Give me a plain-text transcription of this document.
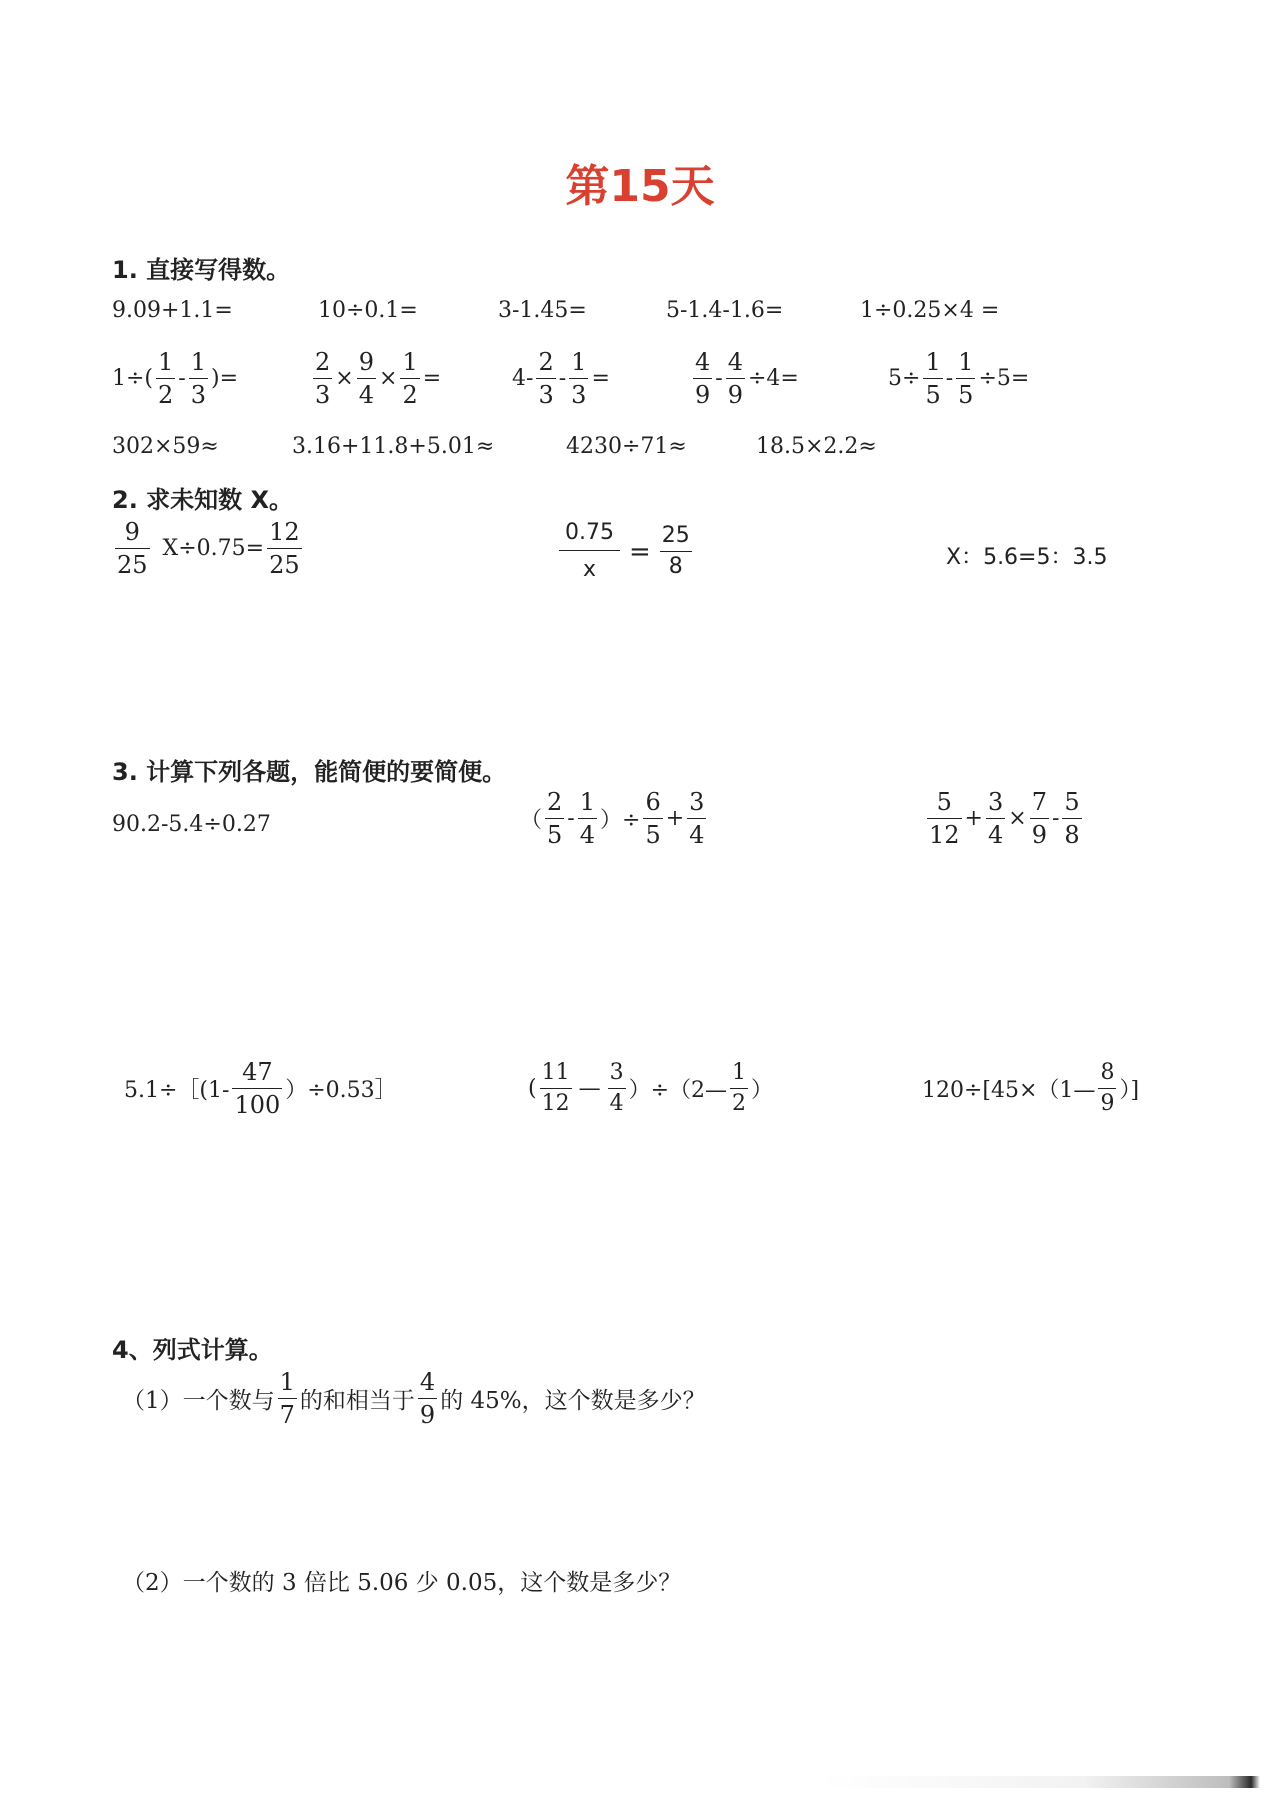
第15天
1. 直接写得数。
9.09+1.1=	10÷0.1=	3-1.45=	5-1.4-1.6=	1÷0.25×4 =
$1\div( \frac{1}{2} - \frac{1}{3}$ )=	$\frac{2}{3} \times \frac{9}{4} \times \frac{1}{2}$ =	$4- \frac{2}{3} - \frac{1}{3}$ =	$\frac{4}{9} - \frac{4}{9} \div 4=$	$5\div \frac{1}{5} - \frac{1}{5} \div 5=$
302×59≈	3.16+11.8+5.01≈	4230÷71≈	18.5×2.2≈
2. 求未知数 X。
$\frac{9}{25} X\div 0.75= \frac{12}{25}$	$\frac{0.75}{x} = \frac{25}{8}$	X：5.6=5：3.5
3. 计算下列各题，能简便的要简便。
90.2-5.4÷0.27	（ $\frac{2}{5} - \frac{1}{4}$ ）÷ $\frac{6}{5} + \frac{3}{4}$	$\frac{5}{12} + \frac{3}{4} \times \frac{7}{9} - \frac{5}{8}$
5.1÷［(1- $\frac{47}{100}$ ）÷0.53］	( $\frac{11}{12}$ — $\frac{3}{4}$ ）÷（2— $\frac{1}{2}$ ）	120÷[45×（1— $\frac{8}{9}$ ）]
4、列式计算。
（1）一个数与 $\frac{1}{7}$ 的和相当于 $\frac{4}{9}$ 的 45%，这个数是多少？
（2）一个数的 3 倍比 5.06 少 0.05，这个数是多少？
